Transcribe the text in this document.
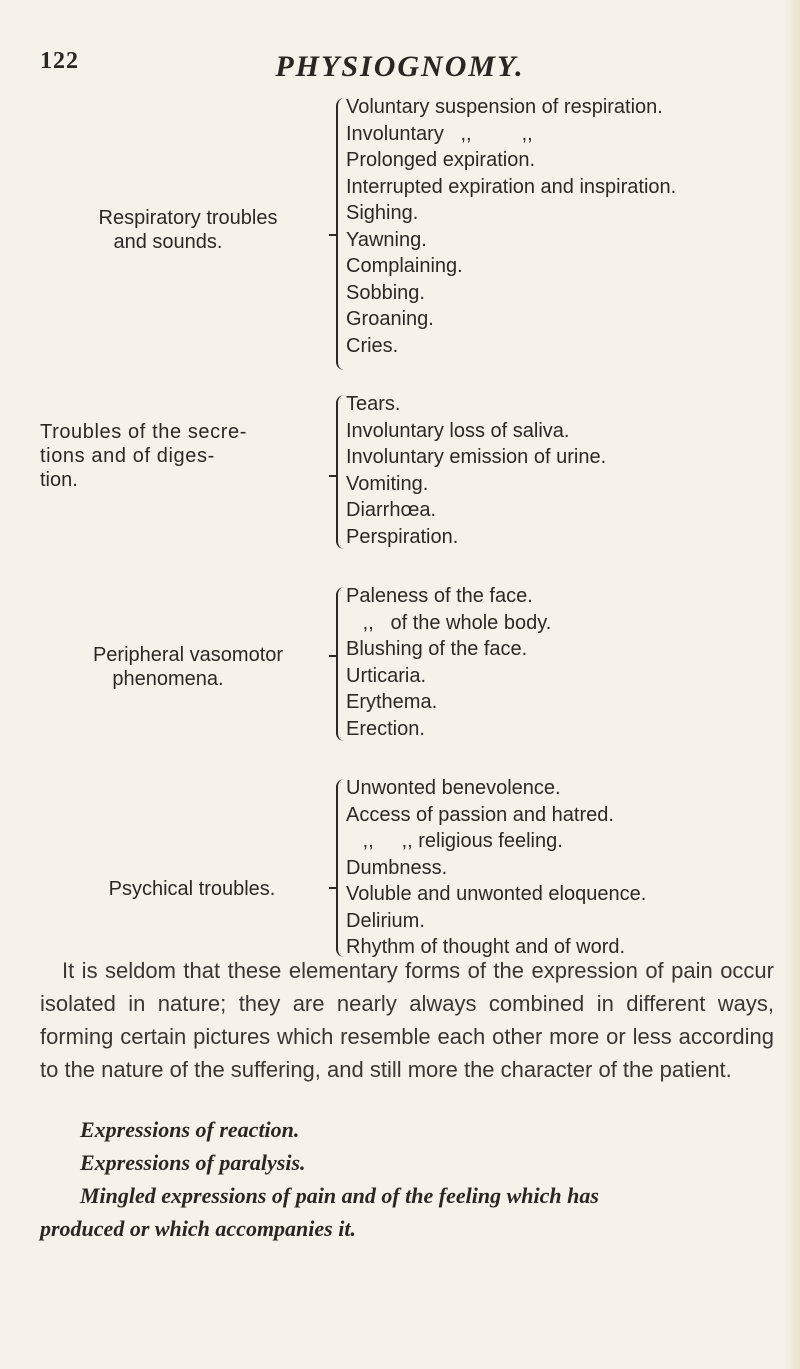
122	PHYSIOGNOMY.
Respiratory troubles
and sounds.
Voluntary suspension of respiration.
Involuntary   ,,         ,,
Prolonged expiration.
Interrupted expiration and inspiration.
Sighing.
Yawning.
Complaining.
Sobbing.
Groaning.
Cries.
Troubles of the secre-
tions and of diges-
tion.
Tears.
Involuntary loss of saliva.
Involuntary emission of urine.
Vomiting.
Diarrhœa.
Perspiration.
Peripheral vasomotor
phenomena.
Paleness of the face.
,,   of the whole body.
Blushing of the face.
Urticaria.
Erythema.
Erection.
Psychical troubles.
Unwonted benevolence.
Access of passion and hatred.
,,     ,, religious feeling.
Dumbness.
Voluble and unwonted eloquence.
Delirium.
Rhythm of thought and of word.

It is seldom that these elementary forms of the expression of pain occur isolated in nature; they are nearly always combined in different ways, forming certain pictures which resemble each other more or less according to the nature of the suffering, and still more the character of the patient.

Expressions of reaction.
Expressions of paralysis.
Mingled expressions of pain and of the feeling which has
produced or which accompanies it.
